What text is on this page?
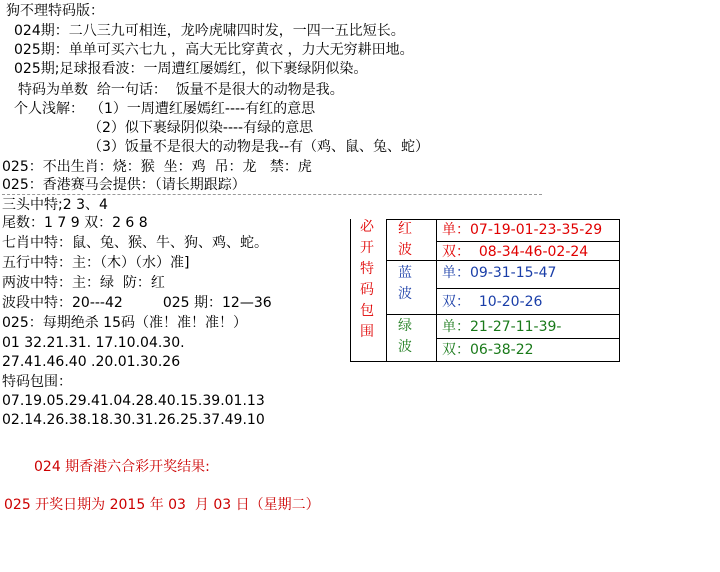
狗不理特码版：
024期：二八三九可相连，龙吟虎啸四时发，一四一五比短长。
025期：单单可买六七九 ，高大无比穿黄衣 ，力大无穷耕田地。
025期;足球报看波：一周遭红屡嫣红，似下裹绿阴似染。
特码为单数  给一句话：  饭量不是很大的动物是我。
个人浅解： （1）一周遭红屡嫣红----有红的意思
（2）似下裹绿阴似染----有绿的意思
（3）饭量不是很大的动物是我--有（鸡、鼠、兔、蛇）
025：不出生肖：烧：猴  坐：鸡  吊：龙   禁：虎
025：香港赛马会提供：（请长期跟踪）
三头中特;2 3、4
尾数：1 7 9 双：2 6 8
七肖中特：鼠、兔、猴、牛、狗、鸡、蛇。
五行中特：主：（木）（水）准]
两波中特：主：绿  防：红
波段中特：20---42         025 期：12—36
025：每期绝杀 15码（准！准！准！）
01 32.21.31. 17.10.04.30.
27.41.46.40 .20.01.30.26
特码包围：
07.19.05.29.41.04.28.40.15.39.01.13
02.14.26.38.18.30.31.26.25.37.49.10
必
开
特
码
包
围
红
波
蓝
波
绿
波
单：07-19-01-23-35-29
双：  08-34-46-02-24
单：09-31-15-47
双：  10-20-26
单：21-27-11-39-
双：06-38-22
024 期香港六合彩开奖结果:
025 开奖日期为 2015 年 03  月 03 日（星期二）
